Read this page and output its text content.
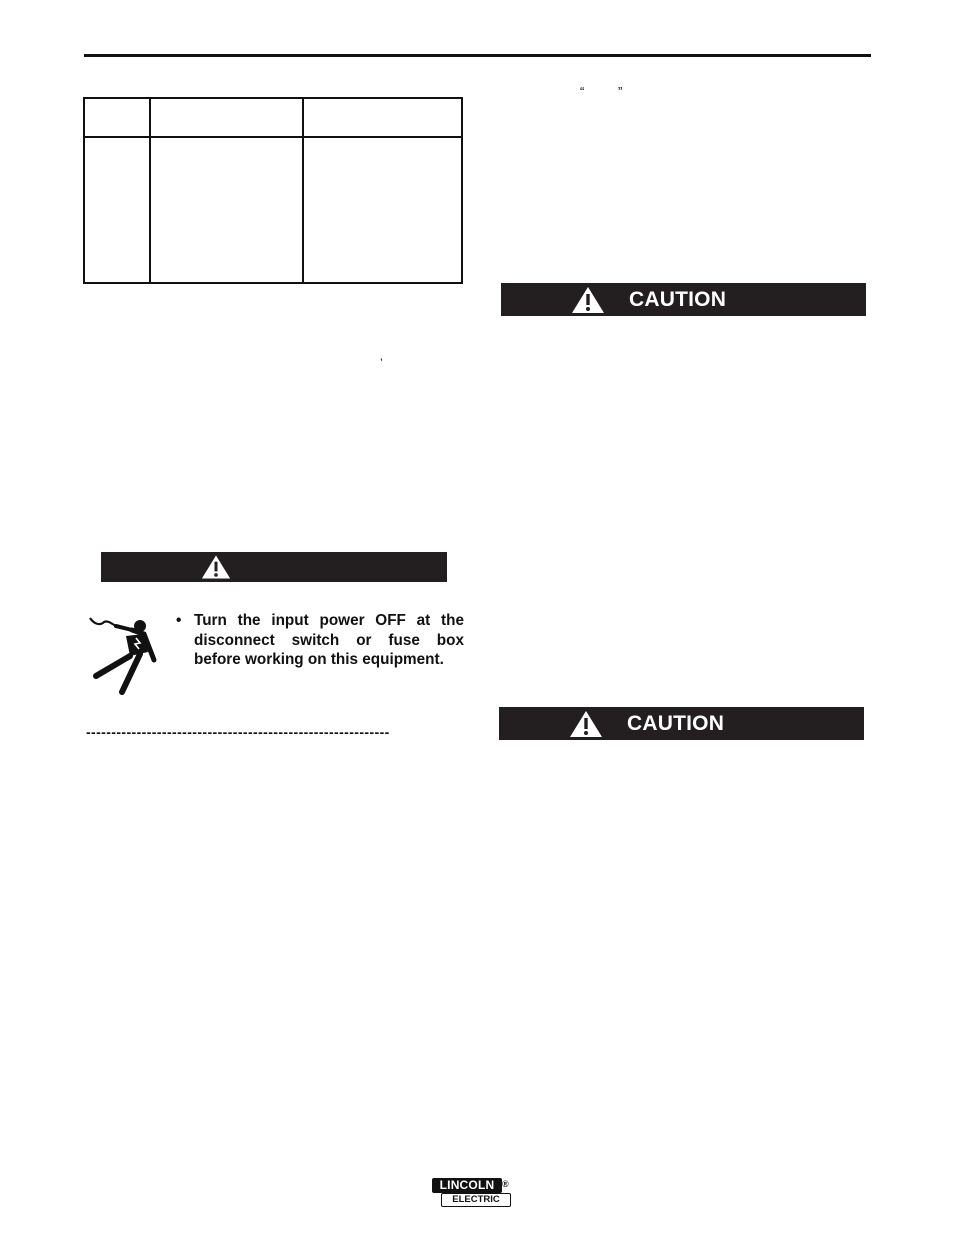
“	”
’
CAUTION
• Turn the input power OFF at the disconnect switch or fuse box before working on this equipment.
------------------------------------------------------------	CAUTION
LINCOLN
ELECTRIC
®
